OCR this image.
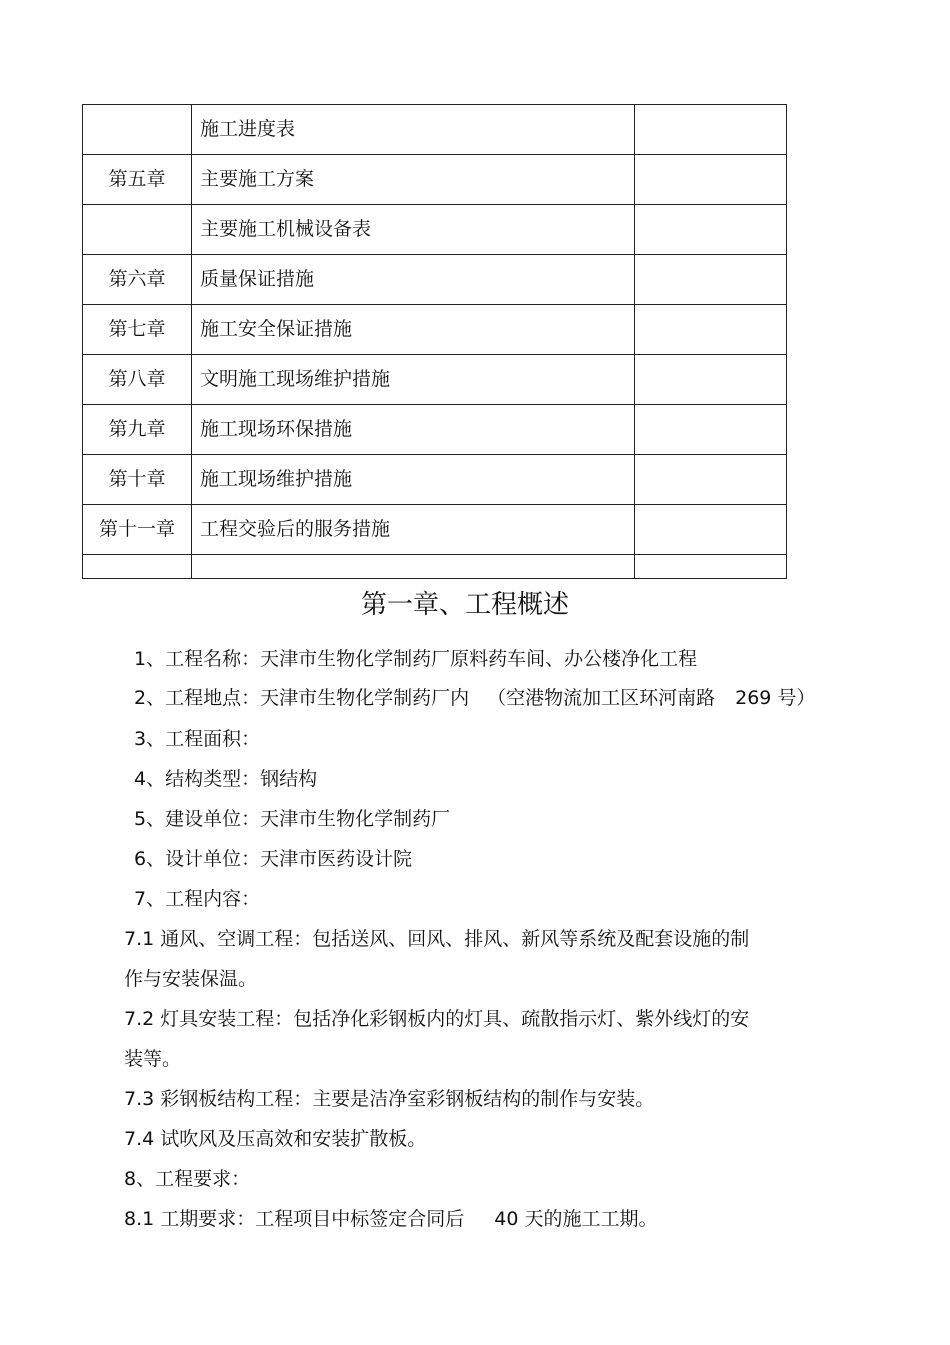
	施工进度表	
第五章	主要施工方案	
	主要施工机械设备表	
第六章	质量保证措施	
第七章	施工安全保证措施	
第八章	文明施工现场维护措施	
第九章	施工现场环保措施	
第十章	施工现场维护措施	
第十一章	工程交验后的服务措施	

第一章、工程概述

1、工程名称：天津市生物化学制药厂原料药车间、办公楼净化工程

2、工程地点：天津市生物化学制药厂内 （空港物流加工区环河南路 269 号）

3、工程面积：

4、结构类型：钢结构

5、建设单位：天津市生物化学制药厂

6、设计单位：天津市医药设计院

7、工程内容：

7.1 通风、空调工程：包括送风、回风、排风、新风等系统及配套设施的制

作与安装保温。

7.2 灯具安装工程：包括净化彩钢板内的灯具、疏散指示灯、紫外线灯的安

装等。

7.3 彩钢板结构工程：主要是洁净室彩钢板结构的制作与安装。

7.4 试吹风及压高效和安装扩散板。

8、工程要求：

8.1 工期要求：工程项目中标签定合同后 40 天的施工工期。
